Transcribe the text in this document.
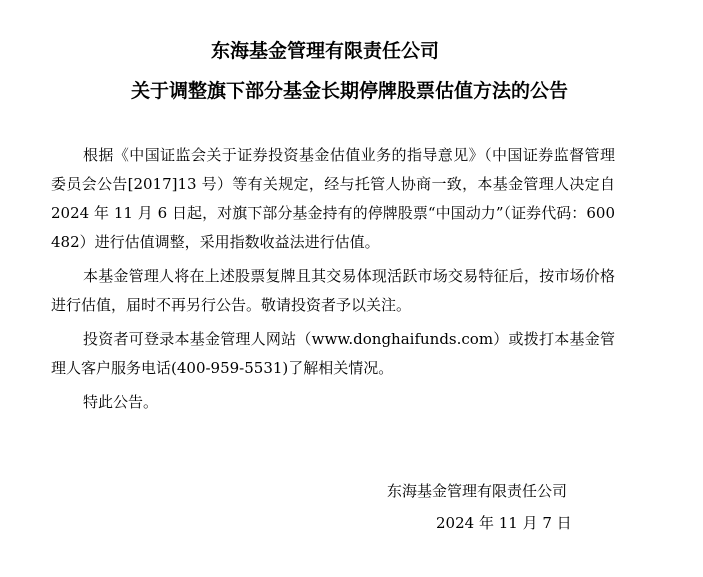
东海基金管理有限责任公司
关于调整旗下部分基金长期停牌股票估值方法的公告

根据《中国证监会关于证券投资基金估值业务的指导意见》（中国证券监督管理委员会公告[2017]13 号）等有关规定，经与托管人协商一致，本基金管理人决定自 2024 年 11 月 6 日起，对旗下部分基金持有的停牌股票“中国动力”（证券代码：600482）进行估值调整，采用指数收益法进行估值。

本基金管理人将在上述股票复牌且其交易体现活跃市场交易特征后，按市场价格进行估值，届时不再另行公告。敬请投资者予以关注。

投资者可登录本基金管理人网站（www.donghaifunds.com）或拨打本基金管理人客户服务电话(400-959-5531)了解相关情况。

特此公告。

东海基金管理有限责任公司

2024 年 11 月 7 日
